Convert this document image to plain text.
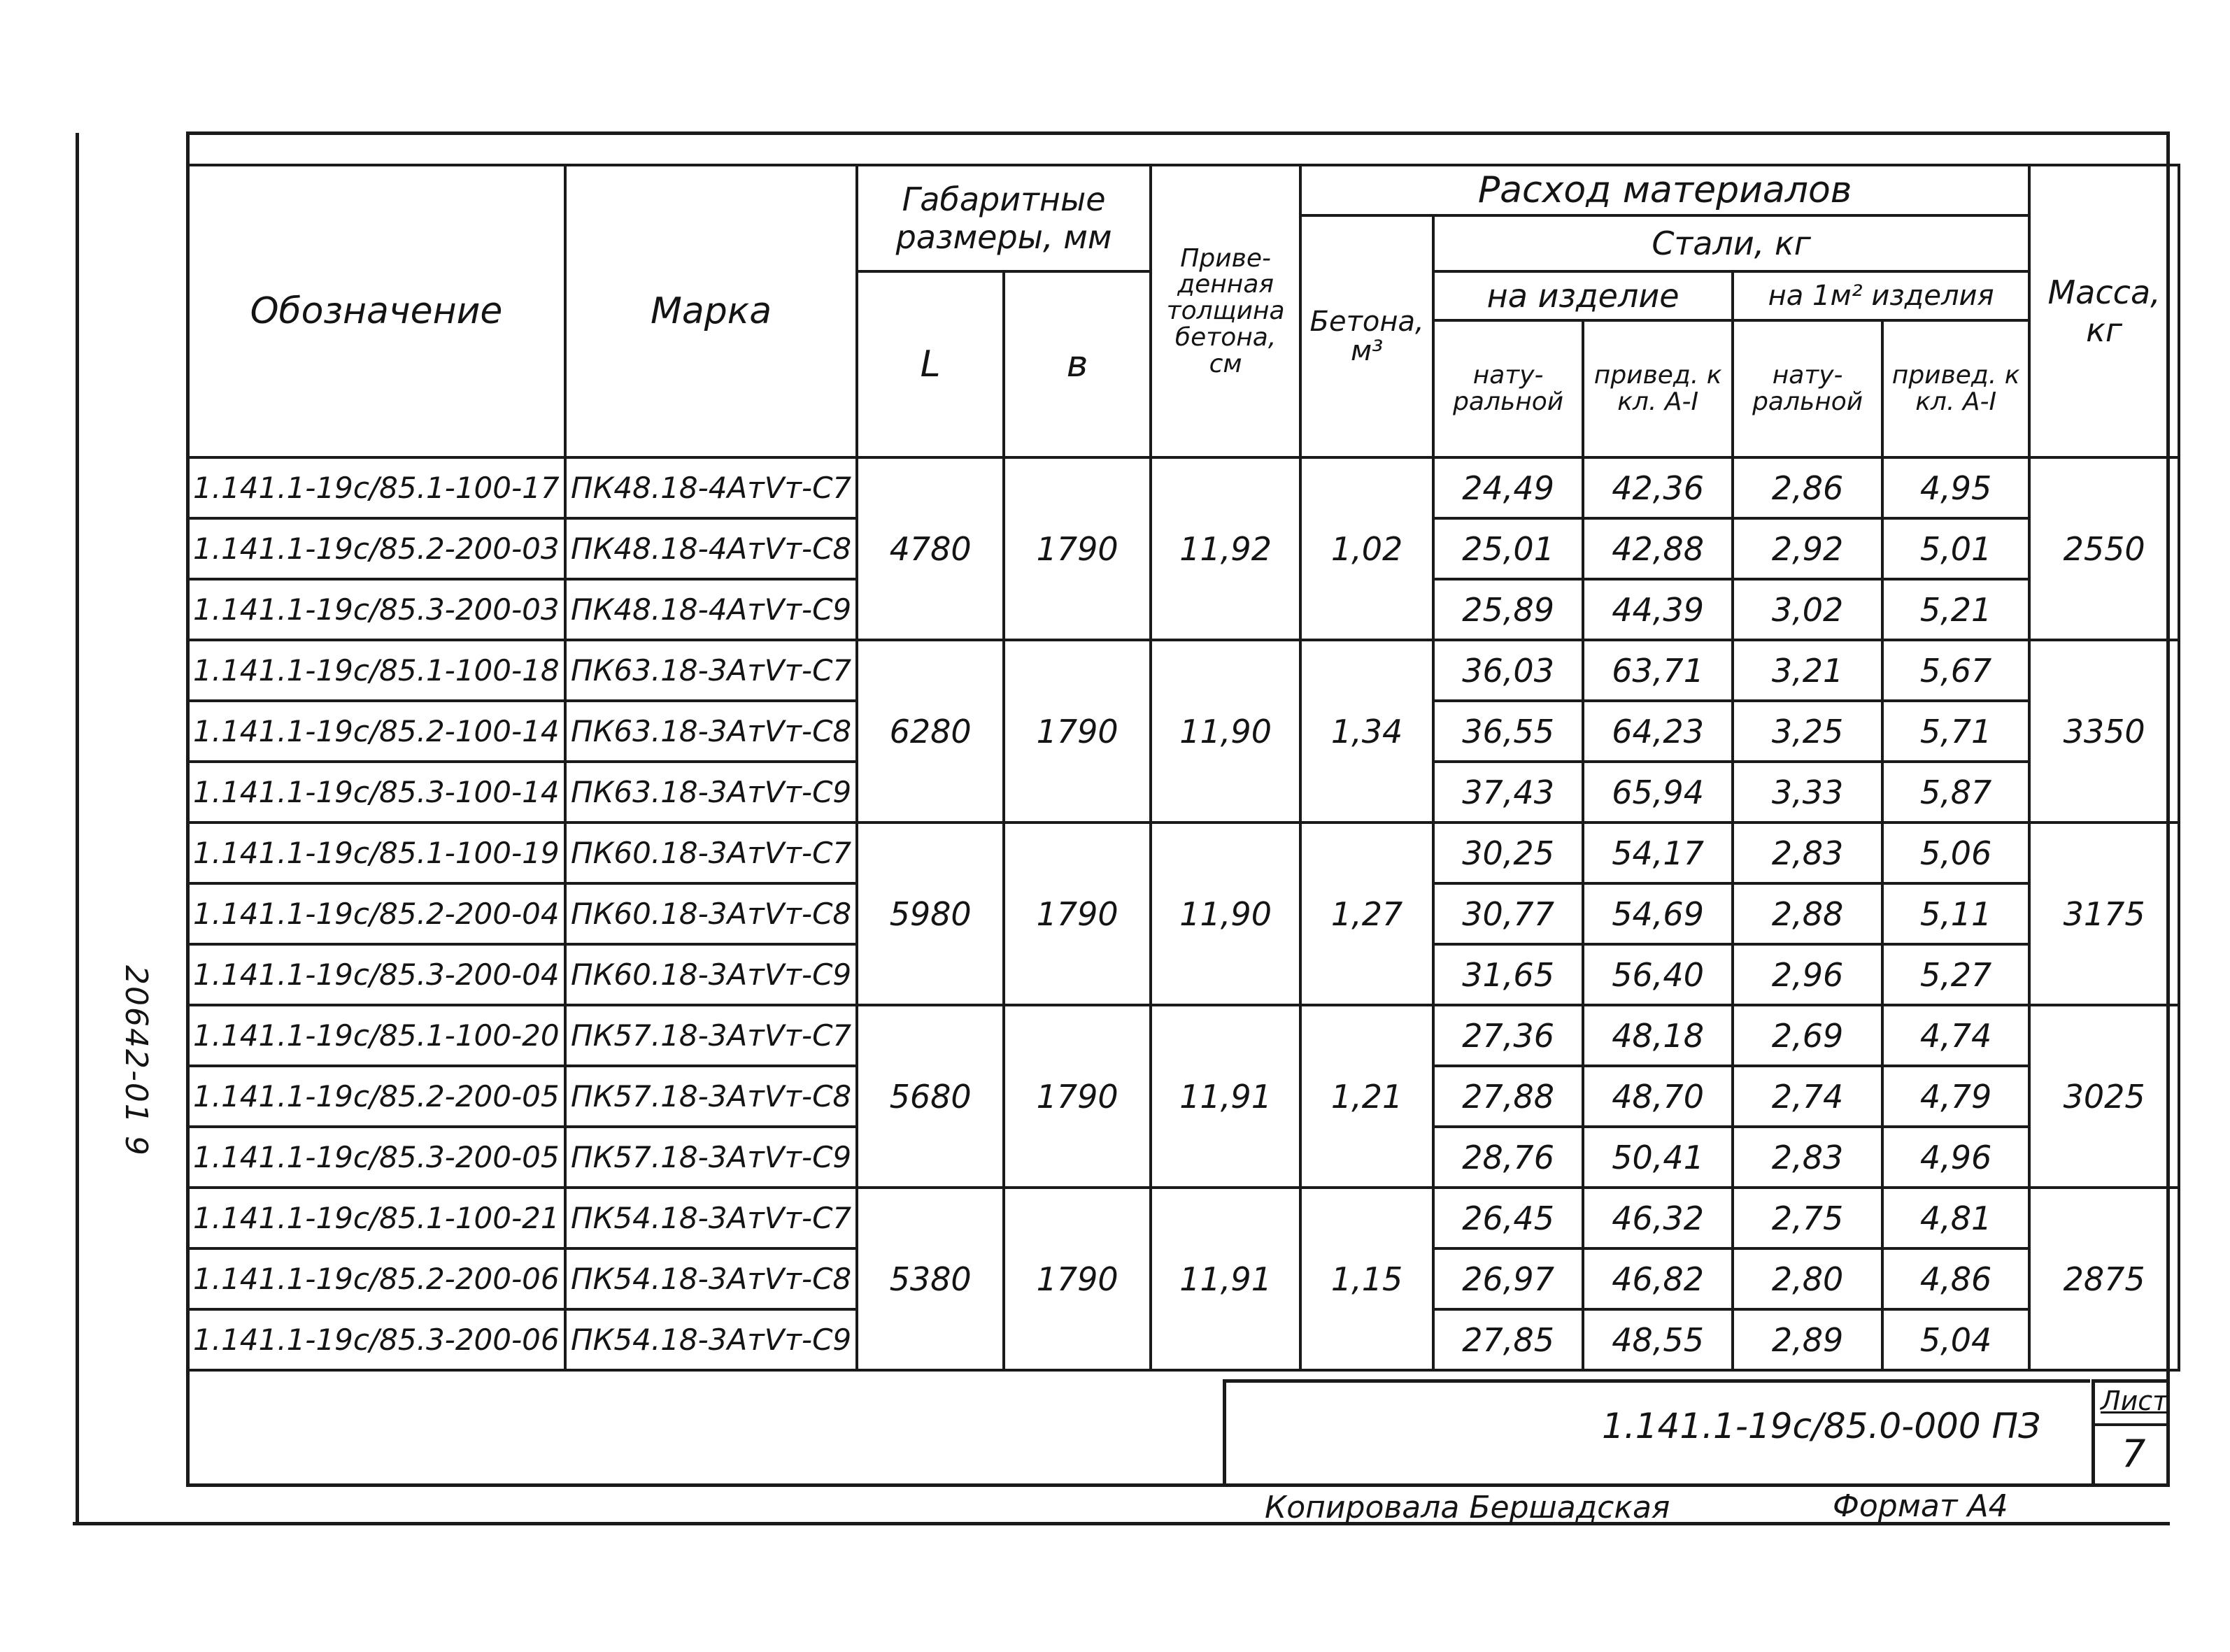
20642-01 9
Обозначение	Марка	Габаритные размеры, мм		Приве-денная толщина бетона, см	Расход материалов					Масса, кг
					Бетона, м³	Стали, кг				
		L	в			на изделие		на 1м² изделия		
						нату-ральной	привед. к кл. А-I	нату-ральной	привед. к кл. А-I	
1.141.1-19с/85.1-100-17	ПК48.18-4АтVт-С7	4780	1790	11,92	1,02	24,49	42,36	2,86	4,95	2550
1.141.1-19с/85.2-200-03	ПК48.18-4АтVт-С8					25,01	42,88	2,92	5,01	
1.141.1-19с/85.3-200-03	ПК48.18-4АтVт-С9					25,89	44,39	3,02	5,21	
1.141.1-19с/85.1-100-18	ПК63.18-3АтVт-С7	6280	1790	11,90	1,34	36,03	63,71	3,21	5,67	3350
1.141.1-19с/85.2-100-14	ПК63.18-3АтVт-С8					36,55	64,23	3,25	5,71	
1.141.1-19с/85.3-100-14	ПК63.18-3АтVт-С9					37,43	65,94	3,33	5,87	
1.141.1-19с/85.1-100-19	ПК60.18-3АтVт-С7	5980	1790	11,90	1,27	30,25	54,17	2,83	5,06	3175
1.141.1-19с/85.2-200-04	ПК60.18-3АтVт-С8					30,77	54,69	2,88	5,11	
1.141.1-19с/85.3-200-04	ПК60.18-3АтVт-С9					31,65	56,40	2,96	5,27	
1.141.1-19с/85.1-100-20	ПК57.18-3АтVт-С7	5680	1790	11,91	1,21	27,36	48,18	2,69	4,74	3025
1.141.1-19с/85.2-200-05	ПК57.18-3АтVт-С8					27,88	48,70	2,74	4,79	
1.141.1-19с/85.3-200-05	ПК57.18-3АтVт-С9					28,76	50,41	2,83	4,96	
1.141.1-19с/85.1-100-21	ПК54.18-3АтVт-С7	5380	1790	11,91	1,15	26,45	46,32	2,75	4,81	2875
1.141.1-19с/85.2-200-06	ПК54.18-3АтVт-С8					26,97	46,82	2,80	4,86	
1.141.1-19с/85.3-200-06	ПК54.18-3АтVт-С9					27,85	48,55	2,89	5,04	
1.141.1-19с/85.0-000 ПЗ
Лист
7
Копировала Бершадская	Формат А4
